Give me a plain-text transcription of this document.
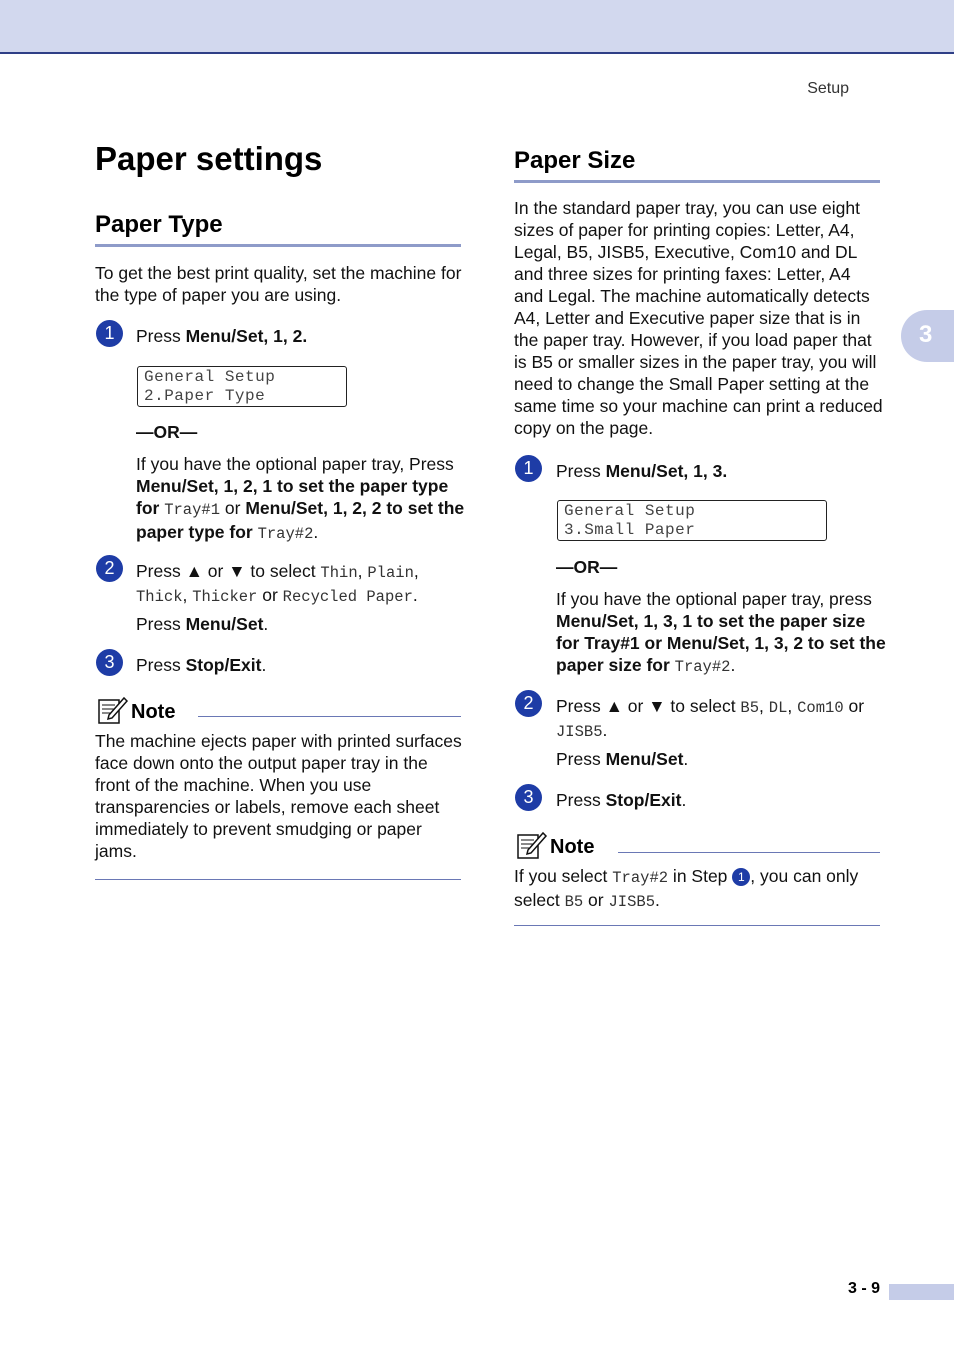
Setup
3
Paper settings
Paper Type
To get the best print quality, set the machine for the type of paper you are using.
1	Press Menu/Set, 1, 2.
General Setup
2.Paper Type
—OR—
If you have the optional paper tray, Press Menu/Set, 1, 2, 1 to set the paper type for Tray#1 or Menu/Set, 1, 2, 2 to set the paper type for Tray#2.
2	Press ▲ or ▼ to select Thin, Plain, Thick, Thicker or Recycled Paper.
Press Menu/Set.
3	Press Stop/Exit.
Note
The machine ejects paper with printed surfaces face down onto the output paper tray in the front of the machine. When you use transparencies or labels, remove each sheet immediately to prevent smudging or paper jams.
Paper Size
In the standard paper tray, you can use eight sizes of paper for printing copies: Letter, A4, Legal, B5, JISB5, Executive, Com10 and DL and three sizes for printing faxes: Letter, A4 and Legal. The machine automatically detects A4, Letter and Executive paper size that is in the paper tray. However, if you load paper that is B5 or smaller sizes in the paper tray, you will need to change the Small Paper setting at the same time so your machine can print a reduced copy on the page.
1	Press Menu/Set, 1, 3.
General Setup
3.Small Paper
—OR—
If you have the optional paper tray, press Menu/Set, 1, 3, 1 to set the paper size for Tray#1 or Menu/Set, 1, 3, 2 to set the paper size for Tray#2.
2	Press ▲ or ▼ to select B5, DL, Com10 or JISB5.
Press Menu/Set.
3	Press Stop/Exit.
Note
If you select Tray#2 in Step 1 , you can only select B5 or JISB5.
3 - 9
